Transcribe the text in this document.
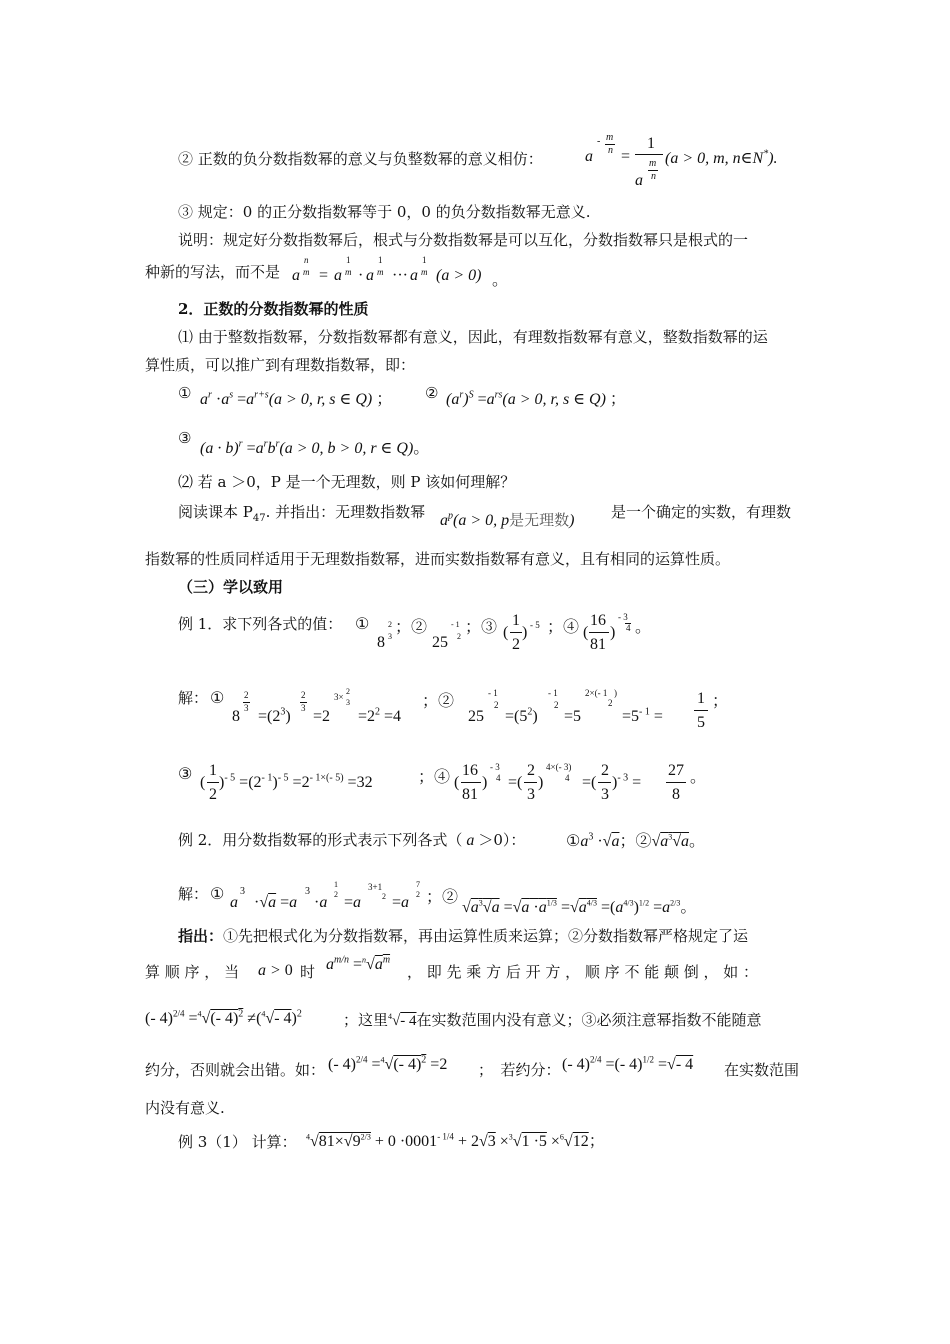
② 正数的负分数指数幂的意义与负整数幂的意义相仿：	a
- m
n =
1
a
m
n
(a > 0, m, n∈N*).
③ 规定：0 的正分数指数幂等于 0，0 的负分数指数幂无意义.
说明：规定好分数指数幂后，根式与分数指数幂是可以互化，分数指数幂只是根式的一
种新的写法，而不是 a
n
m = a
1
m · a
1
m ··· a
1
m (a > 0) 。
2．正数的分数指数幂的性质
⑴ 由于整数指数幂，分数指数幂都有意义，因此，有理数指数幂有意义，整数指数幂的运
算性质，可以推广到有理数指数幂，即：
① $a^r \cdot a^s =a^{r+s}(a > 0$, r, s ∈ Q) ； ② $(a^r)^S =a^{rs}(a > 0$, r, s ∈ Q) ；
③
$(a \cdot b)^r =a^rb^r(a > 0$, b > 0, r ∈ Q)。
⑵ 若 a ＞0，P 是一个无理数，则 P 该如何理解？
阅读课本 $P_{47}$. 并指出：无理数指数幂 $a^p(a > 0$, p是无理数) 是一个确定的实数，有理数
指数幂的性质同样适用于无理数指数幂，进而实数指数幂有意义，且有相同的运算性质。
（三）学以致用
例 1．求下列各式的值： ①
8
2
3
；②
25
- 1
2
；③ (
1
2
) - 5 ；④ (
16
81
)
- 3
4 。
解： ①
8
2
$3 =(2^3)$
2
3 =2
3×
2
3
$=2^2 =4$
；②
25
- 1
2
$=(5^2)$
- 1
2
=5
2×(- 1
2
)
$=5^{- 1}$ =
1
5
；
③ (
1
2
)$^{- 5} =(2^{- 1})^{- 5} =2^{- 1\times(- 5)} =32$	；④ (
16
81
)
- 3
4 =(
2
3
)
4×(- 3)
4 =(
2
3
)$^{- 3}$ =
27
8
。
例 2．用分数指数幂的形式表示下列各式（ a ＞0）：	$①a^3 \cdot√a$；$②√a^3√a$。
解： ① a
3
·√a =a
3
·a
1
2 =a
3+1
2 =a
7
2 ；②
$√a^3√a =√a \cdot a^{1/3} =√a^{4/3} =(a^{4/3})^{1/2} =a^{2/3}$。
指出：①先把根式化为分数指数幂，再由运算性质来运算；②分数指数幂严格规定了运
算 顺 序 ， 当 a > 0 时 $a^{m/n} =^n√a^m$
， 即 先 乘 方 后 开 方 ， 顺 序 不 能 颠 倒 ， 如 ：
(- 4)$^{2/4}$ =$^4$√(- 4)$^2$ ≠($^4$√- 4)$^2$	；这里$^4$√- 4在实数范围内没有意义；③必须注意幂指数不能随意
约分，否则就会出错。如： (- 4)$^{2/4}$ =$^4$√(- 4)$^2$ =2 ；　若约分： (- 4)$^{2/4}$ =(- 4)$^{1/2}$ =√- 4 在实数范围
内没有意义.
例 3（1） 计算： $^4√81\times√9^{2/3} + 0 \cdot 0001^{- 1/4} + 2√3 \times^3√1 \cdot 5 \times^6√12$；
